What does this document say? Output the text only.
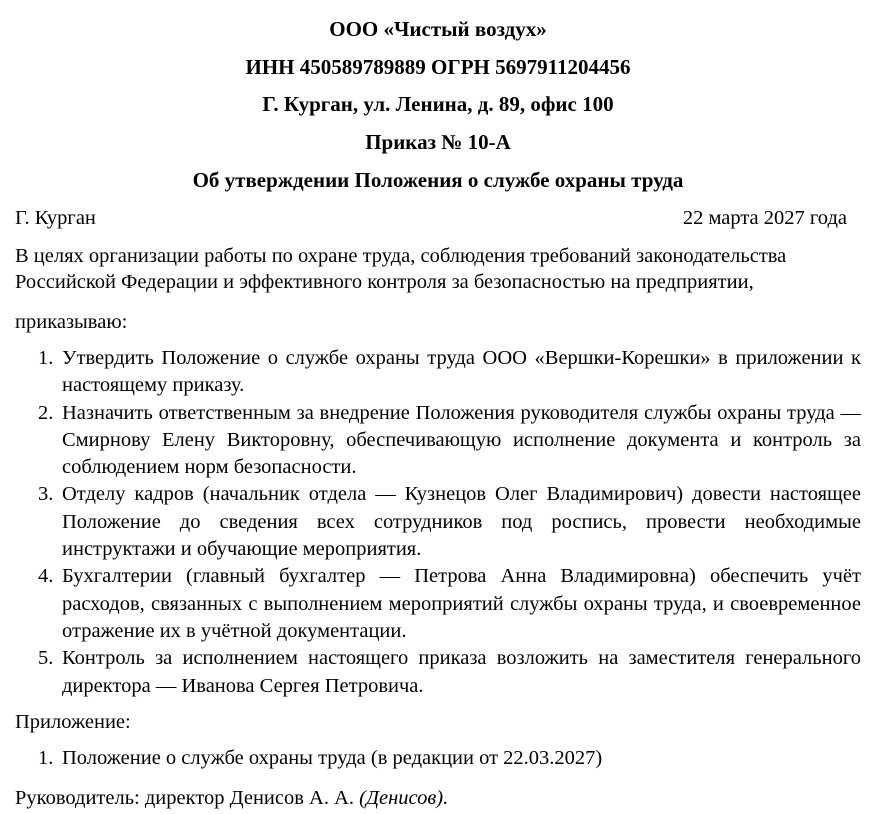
ООО «Чистый воздух»
ИНН 450589789889 ОГРН 5697911204456
Г. Курган, ул. Ленина, д. 89, офис 100
Приказ № 10-А
Об утверждении Положения о службе охраны труда
Г. Курган	22 марта 2027 года
В целях организации работы по охране труда, соблюдения требований законодательства Российской Федерации и эффективного контроля за безопасностью на предприятии,
приказываю:
1. Утвердить Положение о службе охраны труда ООО «Вершки-Корешки» в приложении к настоящему приказу.
2. Назначить ответственным за внедрение Положения руководителя службы охраны труда — Смирнову Елену Викторовну, обеспечивающую исполнение документа и контроль за соблюдением норм безопасности.
3. Отделу кадров (начальник отдела — Кузнецов Олег Владимирович) довести настоящее Положение до сведения всех сотрудников под роспись, провести необходимые инструктажи и обучающие мероприятия.
4. Бухгалтерии (главный бухгалтер — Петрова Анна Владимировна) обеспечить учёт расходов, связанных с выполнением мероприятий службы охраны труда, и своевременное отражение их в учётной документации.
5. Контроль за исполнением настоящего приказа возложить на заместителя генерального директора — Иванова Сергея Петровича.
Приложение:
1. Положение о службе охраны труда (в редакции от 22.03.2027)
Руководитель: директор Денисов А. А. (Денисов).
